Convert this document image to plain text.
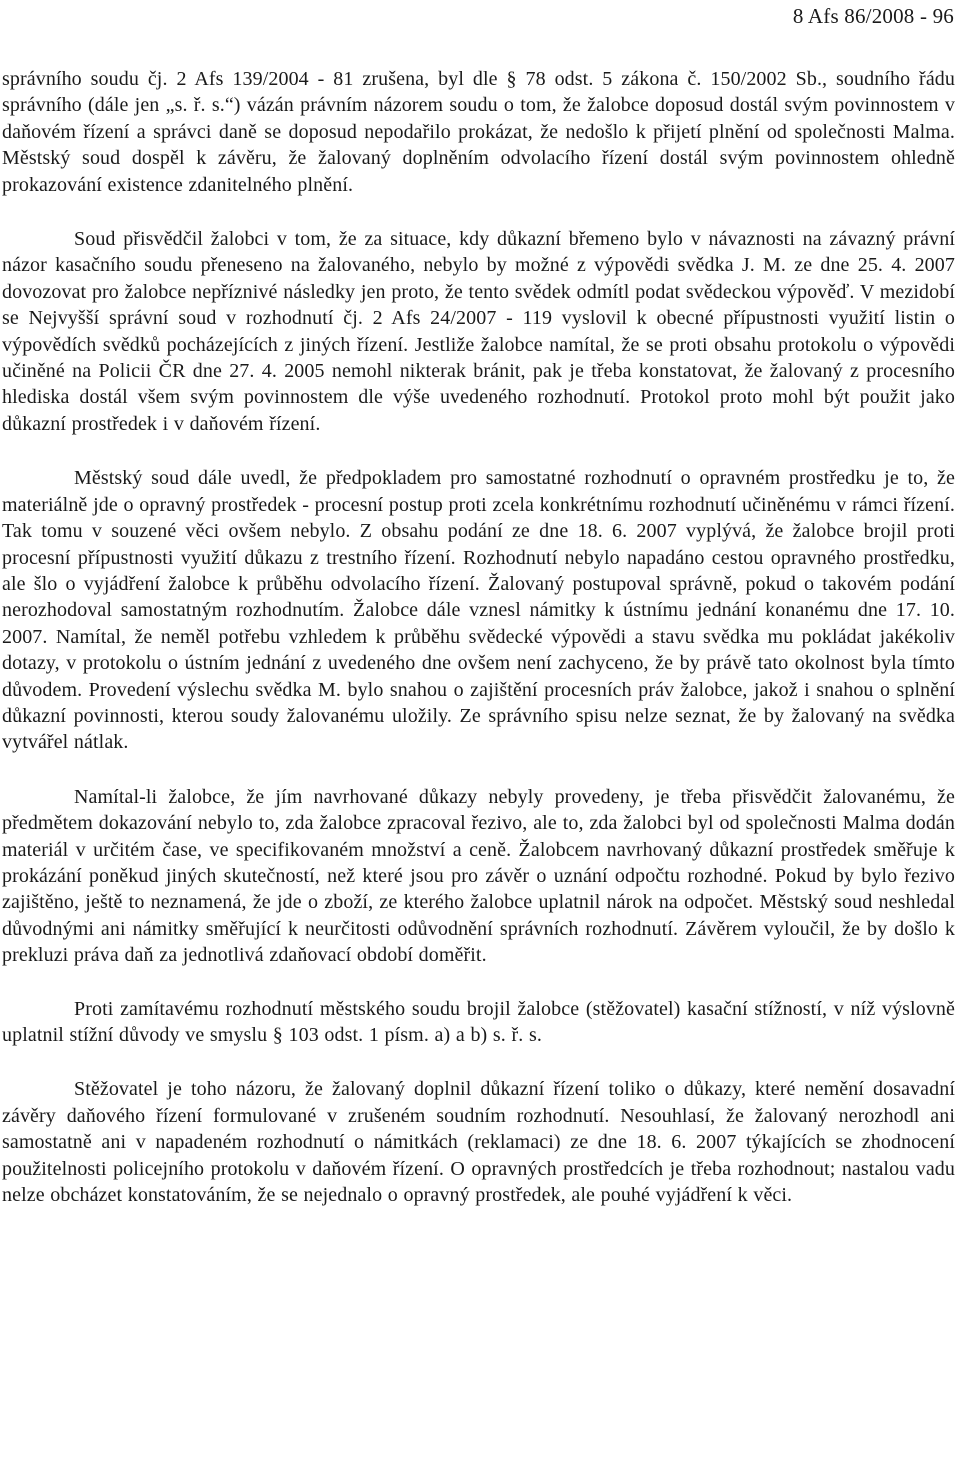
8 Afs 86/2008 - 96

správního soudu čj. 2 Afs 139/2004 - 81 zrušena, byl dle § 78 odst. 5 zákona č. 150/2002 Sb., soudního řádu správního (dále jen „s. ř. s.“) vázán právním názorem soudu o tom, že žalobce doposud dostál svým povinnostem v daňovém řízení a správci daně se doposud nepodařilo prokázat, že nedošlo k přijetí plnění od společnosti Malma. Městský soud dospěl k závěru, že žalovaný doplněním odvolacího řízení dostál svým povinnostem ohledně prokazování existence zdanitelného plnění.

Soud přisvědčil žalobci v tom, že za situace, kdy důkazní břemeno bylo v návaznosti na závazný právní názor kasačního soudu přeneseno na žalovaného, nebylo by možné z výpovědi svědka J. M. ze dne 25. 4. 2007 dovozovat pro žalobce nepříznivé následky jen proto, že tento svědek odmítl podat svědeckou výpověď. V mezidobí se Nejvyšší správní soud v rozhodnutí čj. 2 Afs 24/2007 - 119 vyslovil k obecné přípustnosti využití listin o výpovědích svědků pocházejících z jiných řízení. Jestliže žalobce namítal, že se proti obsahu protokolu o výpovědi učiněné na Policii ČR dne 27. 4. 2005 nemohl nikterak bránit, pak je třeba konstatovat, že žalovaný z procesního hlediska dostál všem svým povinnostem dle výše uvedeného rozhodnutí. Protokol proto mohl být použit jako důkazní prostředek i v daňovém řízení.

Městský soud dále uvedl, že předpokladem pro samostatné rozhodnutí o opravném prostředku je to, že materiálně jde o opravný prostředek - procesní postup proti zcela konkrétnímu rozhodnutí učiněnému v rámci řízení. Tak tomu v souzené věci ovšem nebylo. Z obsahu podání ze dne 18. 6. 2007 vyplývá, že žalobce brojil proti procesní přípustnosti využití důkazu z trestního řízení. Rozhodnutí nebylo napadáno cestou opravného prostředku, ale šlo o vyjádření žalobce k průběhu odvolacího řízení. Žalovaný postupoval správně, pokud o takovém podání nerozhodoval samostatným rozhodnutím. Žalobce dále vznesl námitky k ústnímu jednání konanému dne 17. 10. 2007. Namítal, že neměl potřebu vzhledem k průběhu svědecké výpovědi a stavu svědka mu pokládat jakékoliv dotazy, v protokolu o ústním jednání z uvedeného dne ovšem není zachyceno, že by právě tato okolnost byla tímto důvodem. Provedení výslechu svědka M. bylo snahou o zajištění procesních práv žalobce, jakož i snahou o splnění důkazní povinnosti, kterou soudy žalovanému uložily. Ze správního spisu nelze seznat, že by žalovaný na svědka vytvářel nátlak.

Namítal-li žalobce, že jím navrhované důkazy nebyly provedeny, je třeba přisvědčit žalovanému, že předmětem dokazování nebylo to, zda žalobce zpracoval řezivo, ale to, zda žalobci byl od společnosti Malma dodán materiál v určitém čase, ve specifikovaném množství a ceně. Žalobcem navrhovaný důkazní prostředek směřuje k prokázání poněkud jiných skutečností, než které jsou pro závěr o uznání odpočtu rozhodné. Pokud by bylo řezivo zajištěno, ještě to neznamená, že jde o zboží, ze kterého žalobce uplatnil nárok na odpočet. Městský soud neshledal důvodnými ani námitky směřující k neurčitosti odůvodnění správních rozhodnutí. Závěrem vyloučil, že by došlo k prekluzi práva daň za jednotlivá zdaňovací období doměřit.

Proti zamítavému rozhodnutí městského soudu brojil žalobce (stěžovatel) kasační stížností, v níž výslovně uplatnil stížní důvody ve smyslu § 103 odst. 1 písm. a) a b) s. ř. s.

Stěžovatel je toho názoru, že žalovaný doplnil důkazní řízení toliko o důkazy, které nemění dosavadní závěry daňového řízení formulované v zrušeném soudním rozhodnutí. Nesouhlasí, že žalovaný nerozhodl ani samostatně ani v napadeném rozhodnutí o námitkách (reklamaci) ze dne 18. 6. 2007 týkajících se zhodnocení použitelnosti policejního protokolu v daňovém řízení. O opravných prostředcích je třeba rozhodnout; nastalou vadu nelze obcházet konstatováním, že se nejednalo o opravný prostředek, ale pouhé vyjádření k věci.
